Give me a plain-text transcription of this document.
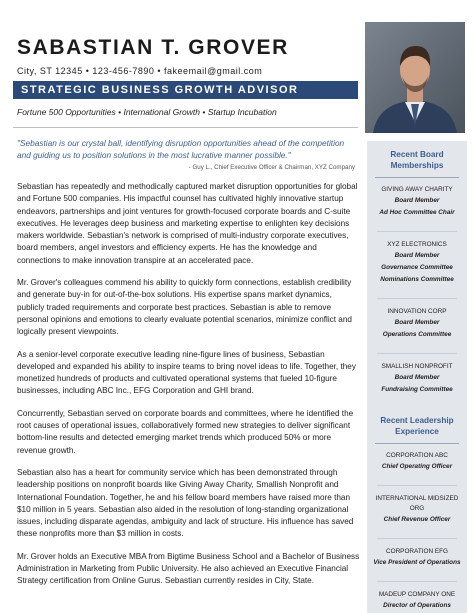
SABASTIAN T. GROVER
City, ST 12345 • 123-456-7890 • fakeemail@gmail.com
STRATEGIC BUSINESS GROWTH ADVISOR
Fortune 500 Opportunities • International Growth • Startup Incubation
"Sebastian is our crystal ball, identifying disruption opportunities ahead of the competition and guiding us to position solutions in the most lucrative manner possible."
- Guy L., Chief Executive Officer & Chairman, XYZ Company

Sebastian has repeatedly and methodically captured market disruption opportunities for global and Fortune 500 companies. His impactful counsel has cultivated highly innovative startup endeavors, partnerships and joint ventures for growth-focused corporate boards and C-suite executives. He leverages deep business and marketing expertise to enlighten key decisions makers worldwide. Sebastian's network is comprised of multi-industry corporate executives, board members, angel investors and efficiency experts. He has the knowledge and connections to make innovation transpire at an accelerated pace.

Mr. Grover's colleagues commend his ability to quickly form connections, establish credibility and generate buy-in for out-of-the-box solutions. His expertise spans market dynamics, publicly traded requirements and corporate best practices. Sebastian is able to remove personal opinions and emotions to clearly evaluate potential scenarios, minimize conflict and logically present viewpoints.

As a senior-level corporate executive leading nine-figure lines of business, Sebastian developed and expanded his ability to inspire teams to bring novel ideas to life. Together, they monetized hundreds of products and cultivated operational systems that fueled 10-figure businesses, including ABC Inc., EFG Corporation and GHI brand.

Concurrently, Sebastian served on corporate boards and committees, where he identified the root causes of operational issues, collaboratively formed new strategies to deliver significant bottom-line results and detected emerging market trends which produced 50% or more revenue growth.

Sebastian also has a heart for community service which has been demonstrated through leadership positions on nonprofit boards like Giving Away Charity, Smallish Nonprofit and International Foundation. Together, he and his fellow board members have raised more than $10 million in 5 years. Sebastian also aided in the resolution of long-standing organizational issues, including disparate agendas, ambiguity and lack of structure. His influence has saved these nonprofits more than $3 million in costs.

Mr. Grover holds an Executive MBA from Bigtime Business School and a Bachelor of Business Administration in Marketing from Public University. He also achieved an Executive Financial Strategy certification from Online Gurus. Sebastian currently resides in City, State.

Recent Board Memberships
GIVING AWAY CHARITY
Board Member
Ad Hoc Committee Chair
XYZ ELECTRONICS
Board Member
Governance Committee
Nominations Committee
INNOVATION CORP
Board Member
Operations Committee
SMALLISH NONPROFIT
Board Member
Fundraising Committee
Recent Leadership Experience
CORPORATION ABC
Chief Operating Officer
INTERNATIONAL MIDSIZED ORG
Chief Revenue Officer
CORPORATION EFG
Vice President of Operations
MADEUP COMPANY ONE
Director of Operations
